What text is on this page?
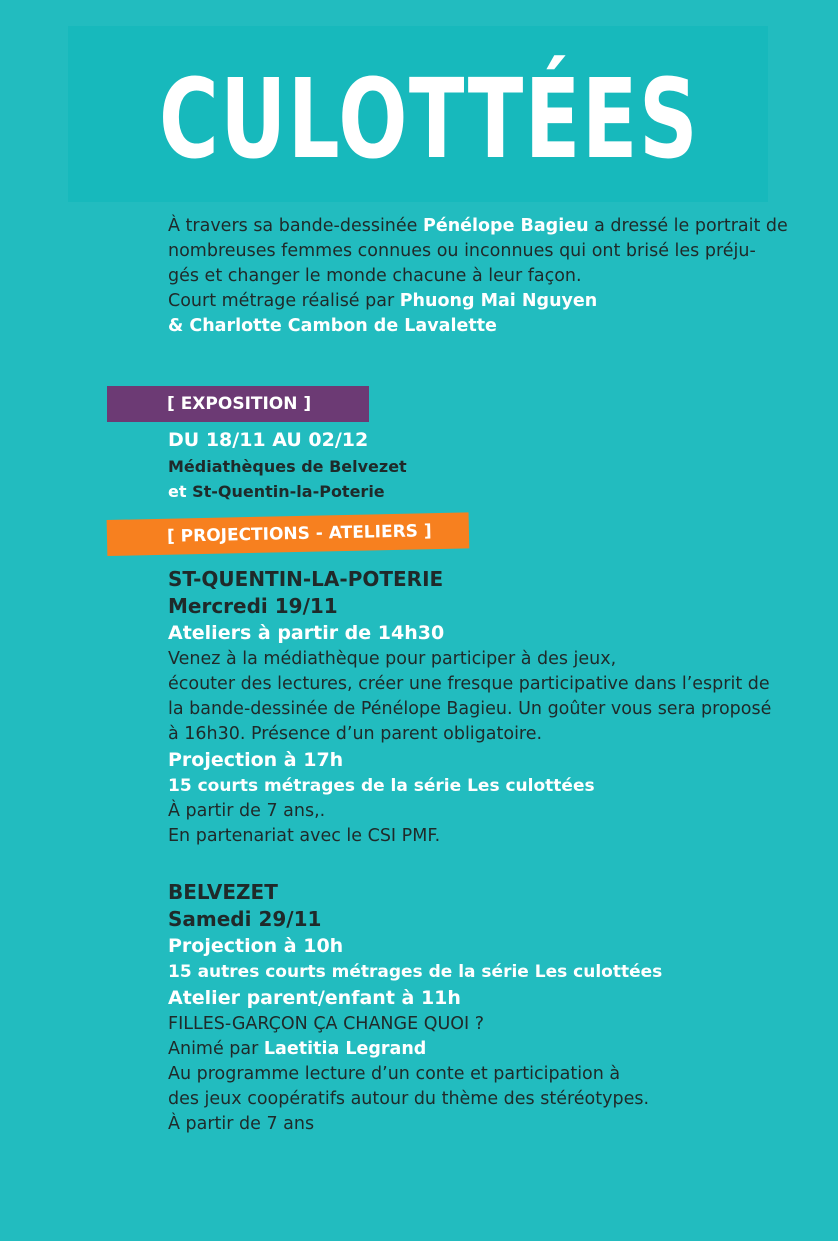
CULOTTÉES
À travers sa bande-dessinée Pénélope Bagieu a dressé le portrait de
nombreuses femmes connues ou inconnues qui ont brisé les préju-
gés et changer le monde chacune à leur façon.
Court métrage réalisé par Phuong Mai Nguyen
& Charlotte Cambon de Lavalette
[ EXPOSITION ]
DU 18/11 AU 02/12
Médiathèques de Belvezet
et St-Quentin-la-Poterie
[ PROJECTIONS - ATELIERS ]
ST-QUENTIN-LA-POTERIE
Mercredi 19/11
Ateliers à partir de 14h30
Venez à la médiathèque pour participer à des jeux,
écouter des lectures, créer une fresque participative dans l’esprit de
la bande-dessinée de Pénélope Bagieu. Un goûter vous sera proposé
à 16h30. Présence d’un parent obligatoire.
Projection à 17h
15 courts métrages de la série Les culottées
À partir de 7 ans,.
En partenariat avec le CSI PMF.
BELVEZET
Samedi 29/11
Projection à 10h
15 autres courts métrages de la série Les culottées
Atelier parent/enfant à 11h
FILLES-GARÇON ÇA CHANGE QUOI ?
Animé par Laetitia Legrand
Au programme lecture d’un conte et participation à
des jeux coopératifs autour du thème des stéréotypes.
À partir de 7 ans
